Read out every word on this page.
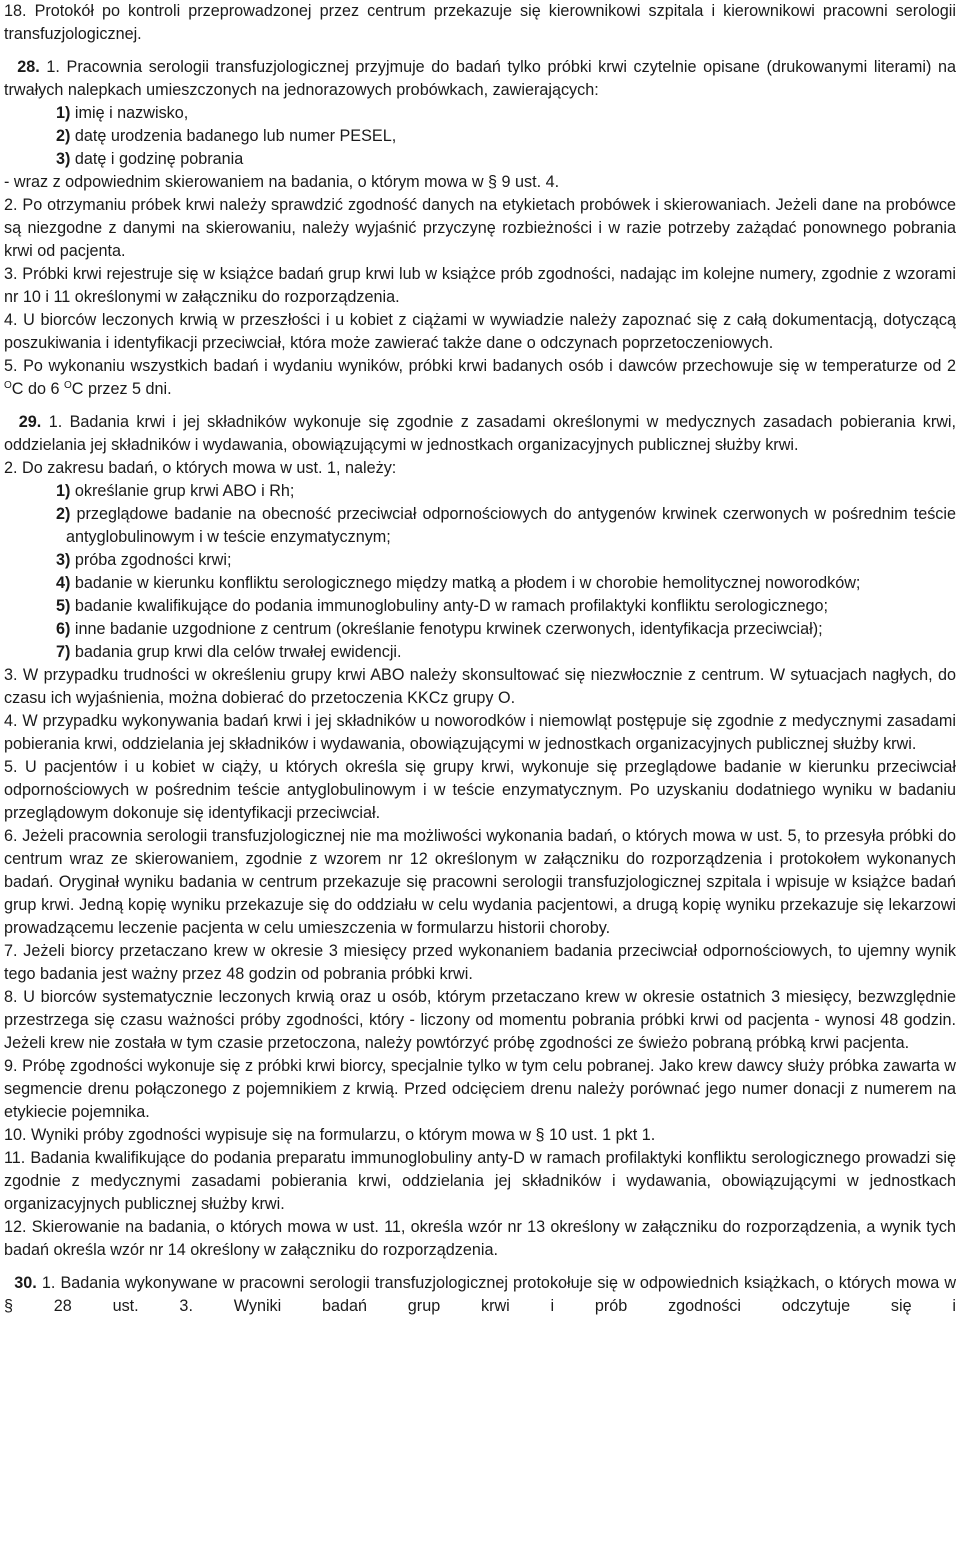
18. Protokół po kontroli przeprowadzonej przez centrum przekazuje się kierownikowi szpitala i kierownikowi pracowni serologii transfuzjologicznej.

28. 1. Pracownia serologii transfuzjologicznej przyjmuje do badań tylko próbki krwi czytelnie opisane (drukowanymi literami) na trwałych nalepkach umieszczonych na jednorazowych probówkach, zawierających:

1) imię i nazwisko,

2) datę urodzenia badanego lub numer PESEL,

3) datę i godzinę pobrania

- wraz z odpowiednim skierowaniem na badania, o którym mowa w § 9 ust. 4.

2. Po otrzymaniu próbek krwi należy sprawdzić zgodność danych na etykietach probówek i skierowaniach. Jeżeli dane na probówce są niezgodne z danymi na skierowaniu, należy wyjaśnić przyczynę rozbieżności i w razie potrzeby zażądać ponownego pobrania krwi od pacjenta.

3. Próbki krwi rejestruje się w książce badań grup krwi lub w książce prób zgodności, nadając im kolejne numery, zgodnie z wzorami nr 10 i 11 określonymi w załączniku do rozporządzenia.

4. U biorców leczonych krwią w przeszłości i u kobiet z ciążami w wywiadzie należy zapoznać się z całą dokumentacją, dotyczącą poszukiwania i identyfikacji przeciwciał, która może zawierać także dane o odczynach poprzetoczeniowych.

5. Po wykonaniu wszystkich badań i wydaniu wyników, próbki krwi badanych osób i dawców przechowuje się w temperaturze od 2 $^O$C do 6 $^O$C przez 5 dni.

29. 1. Badania krwi i jej składników wykonuje się zgodnie z zasadami określonymi w medycznych zasadach pobierania krwi, oddzielania jej składników i wydawania, obowiązującymi w jednostkach organizacyjnych publicznej służby krwi.

2. Do zakresu badań, o których mowa w ust. 1, należy:

1) określanie grup krwi ABO i Rh;

2) przeglądowe badanie na obecność przeciwciał odpornościowych do antygenów krwinek czerwonych w pośrednim teście antyglobulinowym i w teście enzymatycznym;

3) próba zgodności krwi;

4) badanie w kierunku konfliktu serologicznego między matką a płodem i w chorobie hemolitycznej noworodków;

5) badanie kwalifikujące do podania immunoglobuliny anty-D w ramach profilaktyki konfliktu serologicznego;

6) inne badanie uzgodnione z centrum (określanie fenotypu krwinek czerwonych, identyfikacja przeciwciał);

7) badania grup krwi dla celów trwałej ewidencji.

3. W przypadku trudności w określeniu grupy krwi ABO należy skonsultować się niezwłocznie z centrum. W sytuacjach nagłych, do czasu ich wyjaśnienia, można dobierać do przetoczenia KKCz grupy O.

4. W przypadku wykonywania badań krwi i jej składników u noworodków i niemowląt postępuje się zgodnie z medycznymi zasadami pobierania krwi, oddzielania jej składników i wydawania, obowiązującymi w jednostkach organizacyjnych publicznej służby krwi.

5. U pacjentów i u kobiet w ciąży, u których określa się grupy krwi, wykonuje się przeglądowe badanie w kierunku przeciwciał odpornościowych w pośrednim teście antyglobulinowym i w teście enzymatycznym. Po uzyskaniu dodatniego wyniku w badaniu przeglądowym dokonuje się identyfikacji przeciwciał.

6. Jeżeli pracownia serologii transfuzjologicznej nie ma możliwości wykonania badań, o których mowa w ust. 5, to przesyła próbki do centrum wraz ze skierowaniem, zgodnie z wzorem nr 12 określonym w załączniku do rozporządzenia i protokołem wykonanych badań. Oryginał wyniku badania w centrum przekazuje się pracowni serologii transfuzjologicznej szpitala i wpisuje w książce badań grup krwi. Jedną kopię wyniku przekazuje się do oddziału w celu wydania pacjentowi, a drugą kopię wyniku przekazuje się lekarzowi prowadzącemu leczenie pacjenta w celu umieszczenia w formularzu historii choroby.

7. Jeżeli biorcy przetaczano krew w okresie 3 miesięcy przed wykonaniem badania przeciwciał odpornościowych, to ujemny wynik tego badania jest ważny przez 48 godzin od pobrania próbki krwi.

8. U biorców systematycznie leczonych krwią oraz u osób, którym przetaczano krew w okresie ostatnich 3 miesięcy, bezwzględnie przestrzega się czasu ważności próby zgodności, który - liczony od momentu pobrania próbki krwi od pacjenta - wynosi 48 godzin. Jeżeli krew nie została w tym czasie przetoczona, należy powtórzyć próbę zgodności ze świeżo pobraną próbką krwi pacjenta.

9. Próbę zgodności wykonuje się z próbki krwi biorcy, specjalnie tylko w tym celu pobranej. Jako krew dawcy służy próbka zawarta w segmencie drenu połączonego z pojemnikiem z krwią. Przed odcięciem drenu należy porównać jego numer donacji z numerem na etykiecie pojemnika.

10. Wyniki próby zgodności wypisuje się na formularzu, o którym mowa w § 10 ust. 1 pkt 1.

11. Badania kwalifikujące do podania preparatu immunoglobuliny anty-D w ramach profilaktyki konfliktu serologicznego prowadzi się zgodnie z medycznymi zasadami pobierania krwi, oddzielania jej składników i wydawania, obowiązującymi w jednostkach organizacyjnych publicznej służby krwi.

12. Skierowanie na badania, o których mowa w ust. 11, określa wzór nr 13 określony w załączniku do rozporządzenia, a wynik tych badań określa wzór nr 14 określony w załączniku do rozporządzenia.

30. 1. Badania wykonywane w pracowni serologii transfuzjologicznej protokołuje się w odpowiednich książkach, o których mowa w § 28 ust. 3. Wyniki badań grup krwi i prób zgodności odczytuje się i
